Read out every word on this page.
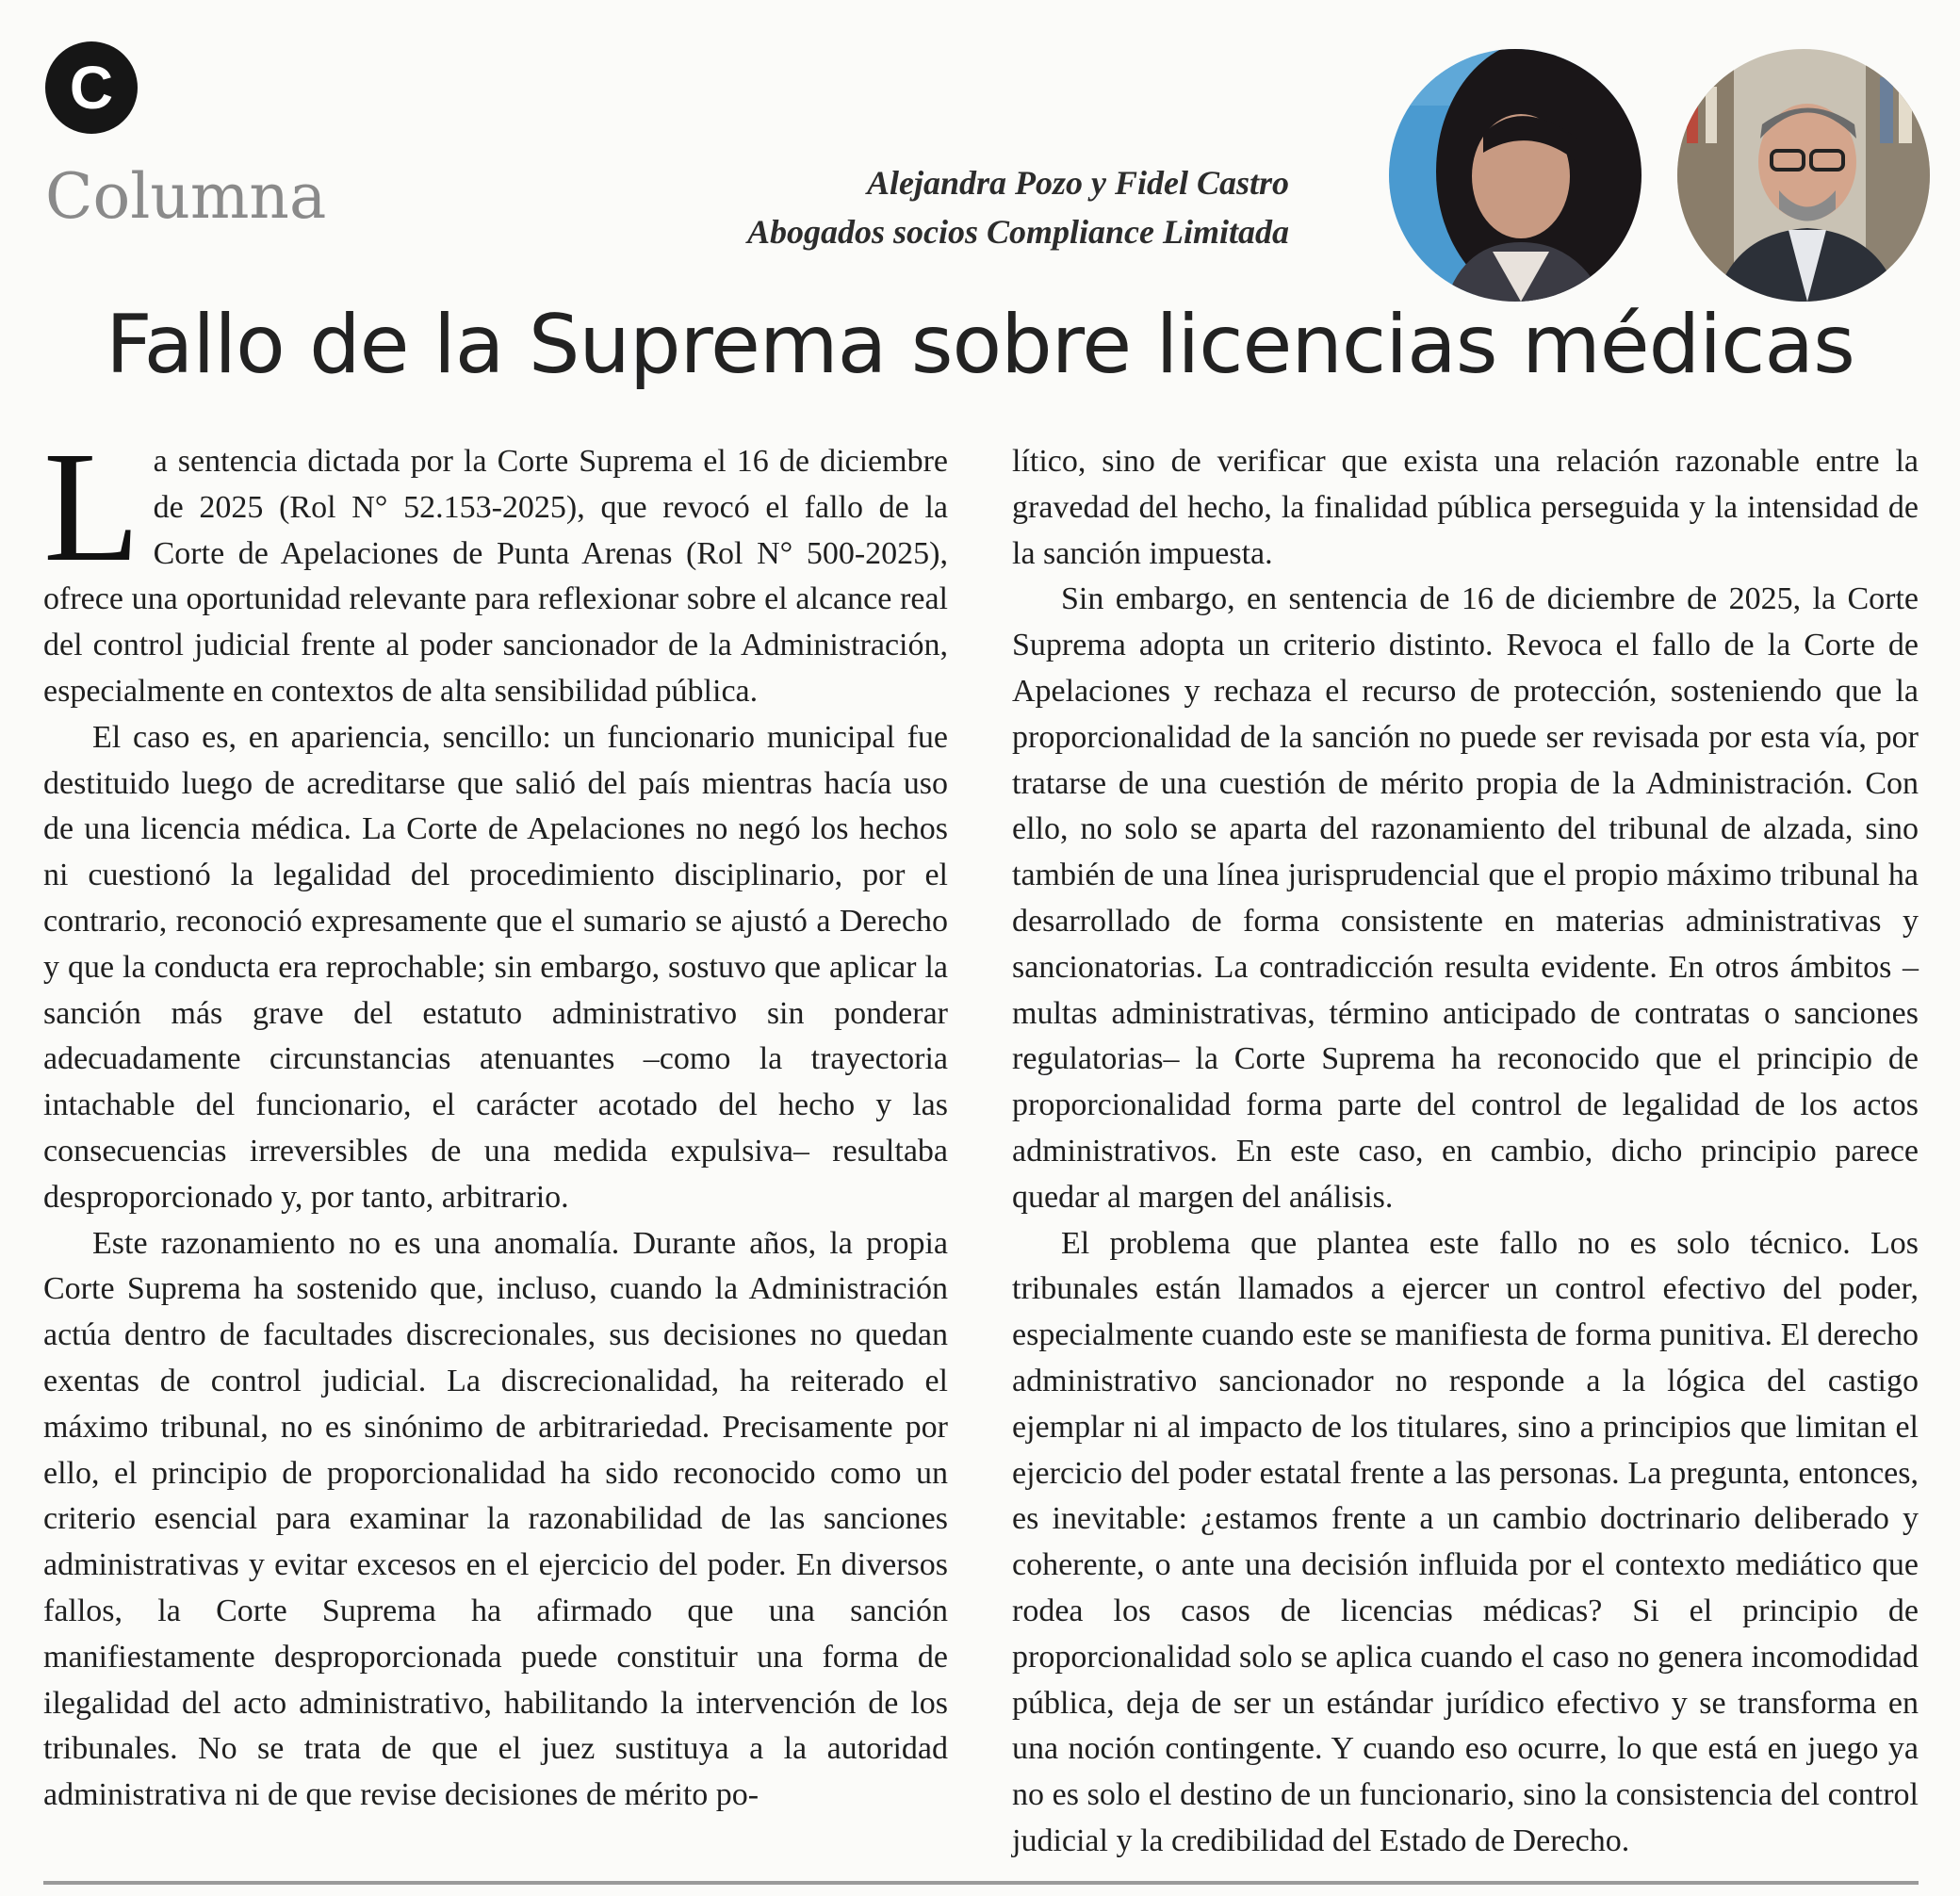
C
Columna	Alejandra Pozo y Fidel Castro
Abogados socios Compliance Limitada
Fallo de la Suprema sobre licencias médicas

La sentencia dictada por la Corte Suprema el 16 de diciembre de 2025 (Rol N° 52.153-2025), que revocó el fallo de la Corte de Apelaciones de Punta Arenas (Rol N° 500-2025), ofrece una oportunidad relevante para reflexionar sobre el alcance real del control judicial frente al poder sancionador de la Administración, especialmente en contextos de alta sensibilidad pública.

El caso es, en apariencia, sencillo: un funcionario municipal fue destituido luego de acreditarse que salió del país mientras hacía uso de una licencia médica. La Corte de Apelaciones no negó los hechos ni cuestionó la legalidad del procedimiento disciplinario, por el contrario, reconoció expresamente que el sumario se ajustó a Derecho y que la conducta era reprochable; sin embargo, sostuvo que aplicar la sanción más grave del estatuto administrativo sin ponderar adecuadamente circunstancias atenuantes –como la trayectoria intachable del funcionario, el carácter acotado del hecho y las consecuencias irreversibles de una medida expulsiva– resultaba desproporcionado y, por tanto, arbitrario.

Este razonamiento no es una anomalía. Durante años, la propia Corte Suprema ha sostenido que, incluso, cuando la Administración actúa dentro de facultades discrecionales, sus decisiones no quedan exentas de control judicial. La discrecionalidad, ha reiterado el máximo tribunal, no es sinónimo de arbitrariedad. Precisamente por ello, el principio de proporcionalidad ha sido reconocido como un criterio esencial para examinar la razonabilidad de las sanciones administrativas y evitar excesos en el ejercicio del poder. En diversos fallos, la Corte Suprema ha afirmado que una sanción manifiestamente desproporcionada puede constituir una forma de ilegalidad del acto administrativo, habilitando la intervención de los tribunales. No se trata de que el juez sustituya a la autoridad administrativa ni de que revise decisiones de mérito po-

lítico, sino de verificar que exista una relación razonable entre la gravedad del hecho, la finalidad pública perseguida y la intensidad de la sanción impuesta.

Sin embargo, en sentencia de 16 de diciembre de 2025, la Corte Suprema adopta un criterio distinto. Revoca el fallo de la Corte de Apelaciones y rechaza el recurso de protección, sosteniendo que la proporcionalidad de la sanción no puede ser revisada por esta vía, por tratarse de una cuestión de mérito propia de la Administración. Con ello, no solo se aparta del razonamiento del tribunal de alzada, sino también de una línea jurisprudencial que el propio máximo tribunal ha desarrollado de forma consistente en materias administrativas y sancionatorias. La contradicción resulta evidente. En otros ámbitos –multas administrativas, término anticipado de contratas o sanciones regulatorias– la Corte Suprema ha reconocido que el principio de proporcionalidad forma parte del control de legalidad de los actos administrativos. En este caso, en cambio, dicho principio parece quedar al margen del análisis.

El problema que plantea este fallo no es solo técnico. Los tribunales están llamados a ejercer un control efectivo del poder, especialmente cuando este se manifiesta de forma punitiva. El derecho administrativo sancionador no responde a la lógica del castigo ejemplar ni al impacto de los titulares, sino a principios que limitan el ejercicio del poder estatal frente a las personas. La pregunta, entonces, es inevitable: ¿estamos frente a un cambio doctrinario deliberado y coherente, o ante una decisión influida por el contexto mediático que rodea los casos de licencias médicas? Si el principio de proporcionalidad solo se aplica cuando el caso no genera incomodidad pública, deja de ser un estándar jurídico efectivo y se transforma en una noción contingente. Y cuando eso ocurre, lo que está en juego ya no es solo el destino de un funcionario, sino la consistencia del control judicial y la credibilidad del Estado de Derecho.
